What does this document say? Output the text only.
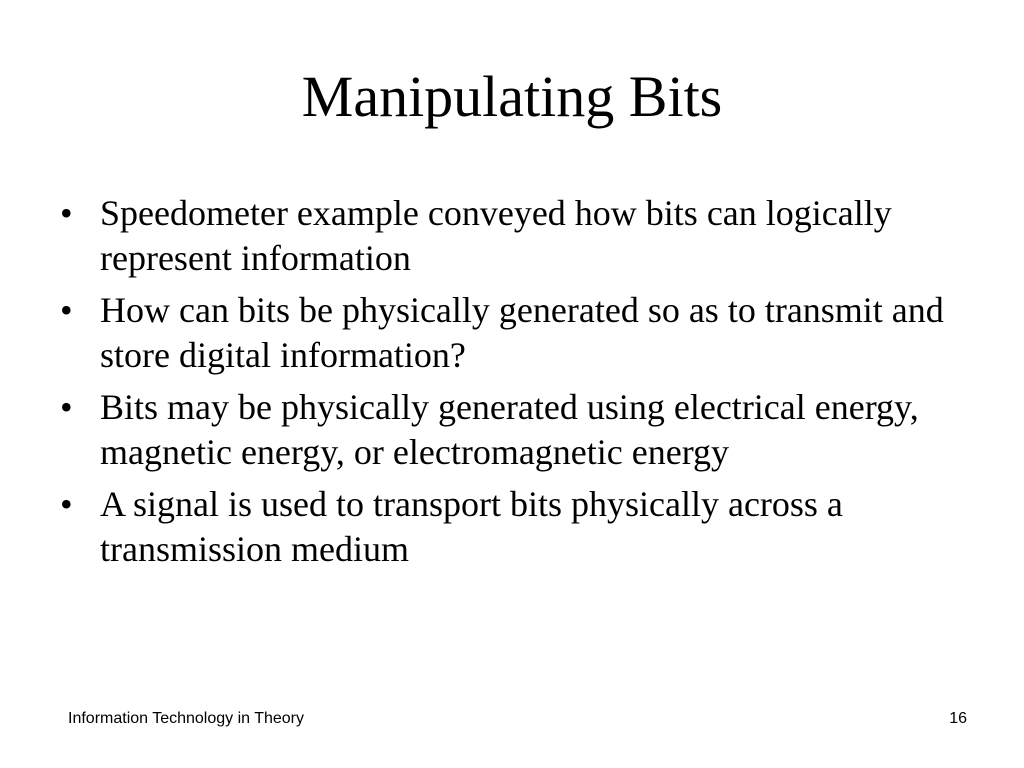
Manipulating Bits
• Speedometer example conveyed how bits can logically represent information
• How can bits be physically generated so as to transmit and store digital information?
• Bits may be physically generated using electrical energy, magnetic energy, or electromagnetic energy
• A signal is used to transport bits physically across a transmission medium
Information Technology in Theory	16
